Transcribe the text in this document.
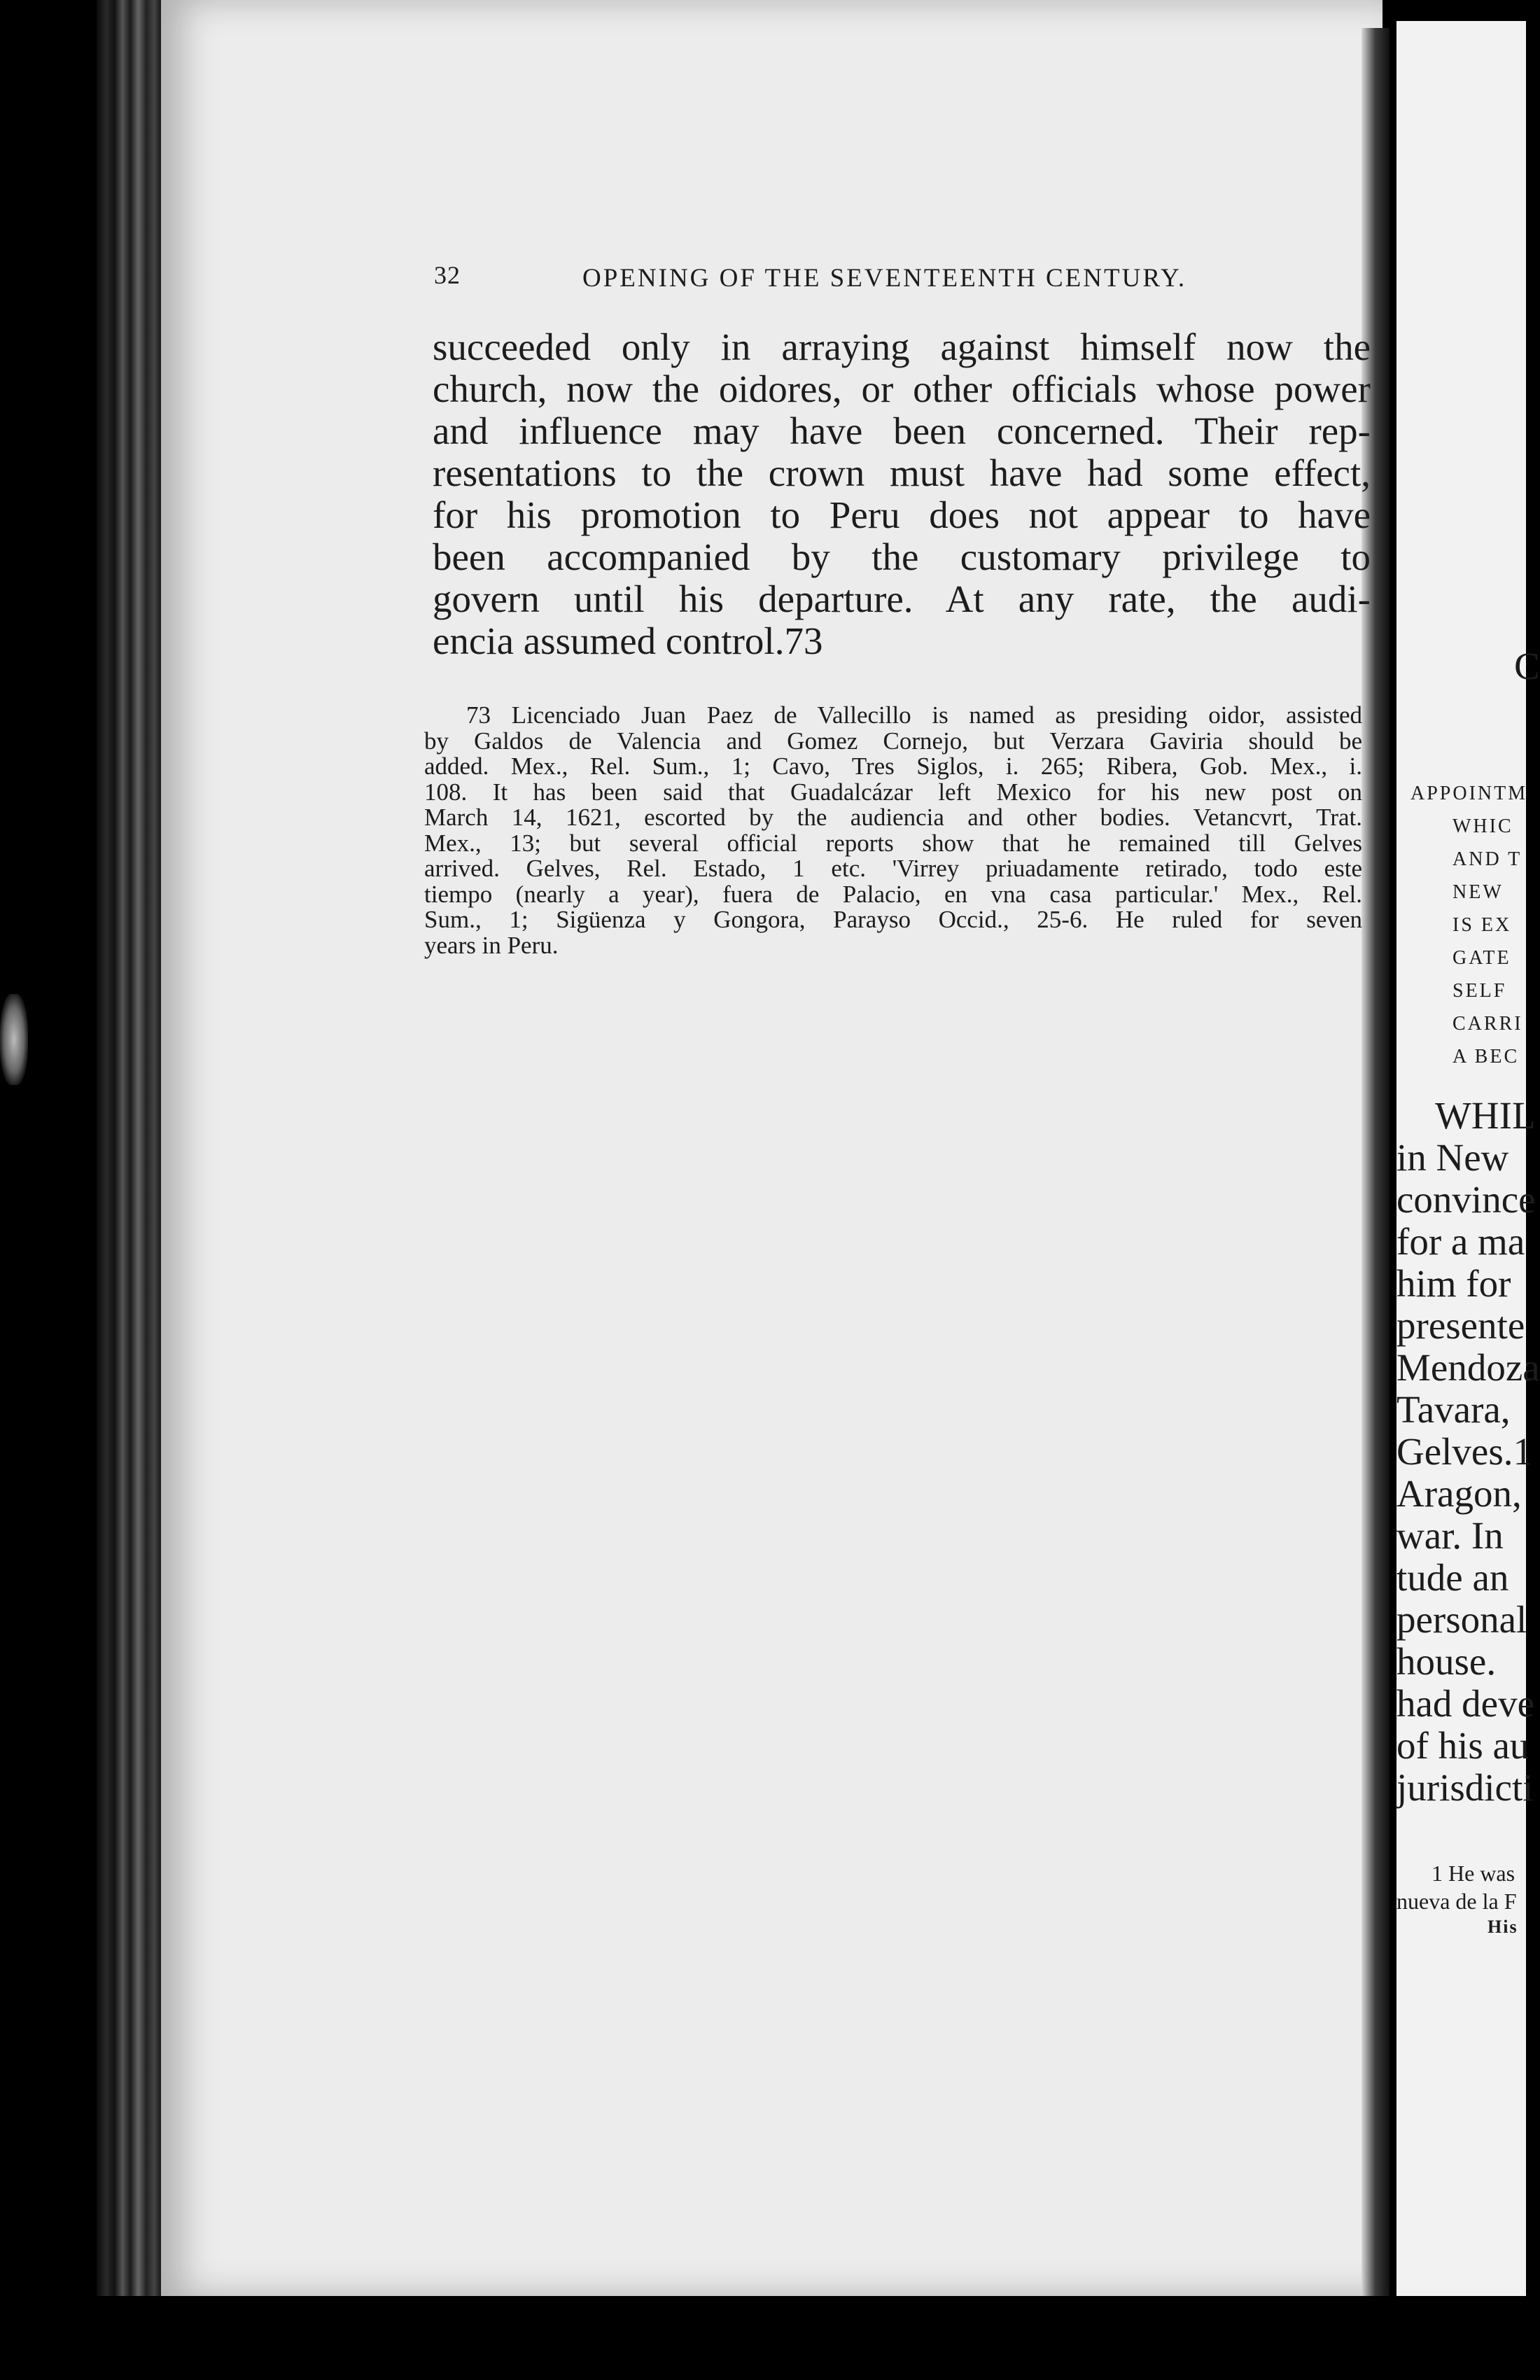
32	OPENING OF THE SEVENTEENTH CENTURY.
succeeded only in arraying against himself now the
church, now the oidores, or other officials whose power
and influence may have been concerned. Their rep-
resentations to the crown must have had some effect,
for his promotion to Peru does not appear to have
been accompanied by the customary privilege to
govern until his departure. At any rate, the audi-
encia assumed control.73
73 Licenciado Juan Paez de Vallecillo is named as presiding oidor, assisted
by Galdos de Valencia and Gomez Cornejo, but Verzara Gaviria should be
added. Mex., Rel. Sum., 1; Cavo, Tres Siglos, i. 265; Ribera, Gob. Mex., i.
108. It has been said that Guadalcázar left Mexico for his new post on
March 14, 1621, escorted by the audiencia and other bodies. Vetancvrt, Trat.
Mex., 13; but several official reports show that he remained till Gelves
arrived. Gelves, Rel. Estado, 1 etc. 'Virrey priuadamente retirado, todo este
tiempo (nearly a year), fuera de Palacio, en vna casa particular.' Mex., Rel.
Sum., 1; Sigüenza y Gongora, Parayso Occid., 25-6. He ruled for seven
years in Peru.
C
APPOINTM
WHIC
AND T
NEW
IS EX
GATE
SELF
CARRI
A BEC
WHIL
in New
convince
for a ma
him for
presente
Mendoza
Tavara,
Gelves.1
Aragon,
war. In
tude an
personal
house.
had deve
of his au
jurisdicti
1 He was
nueva de la F
His
